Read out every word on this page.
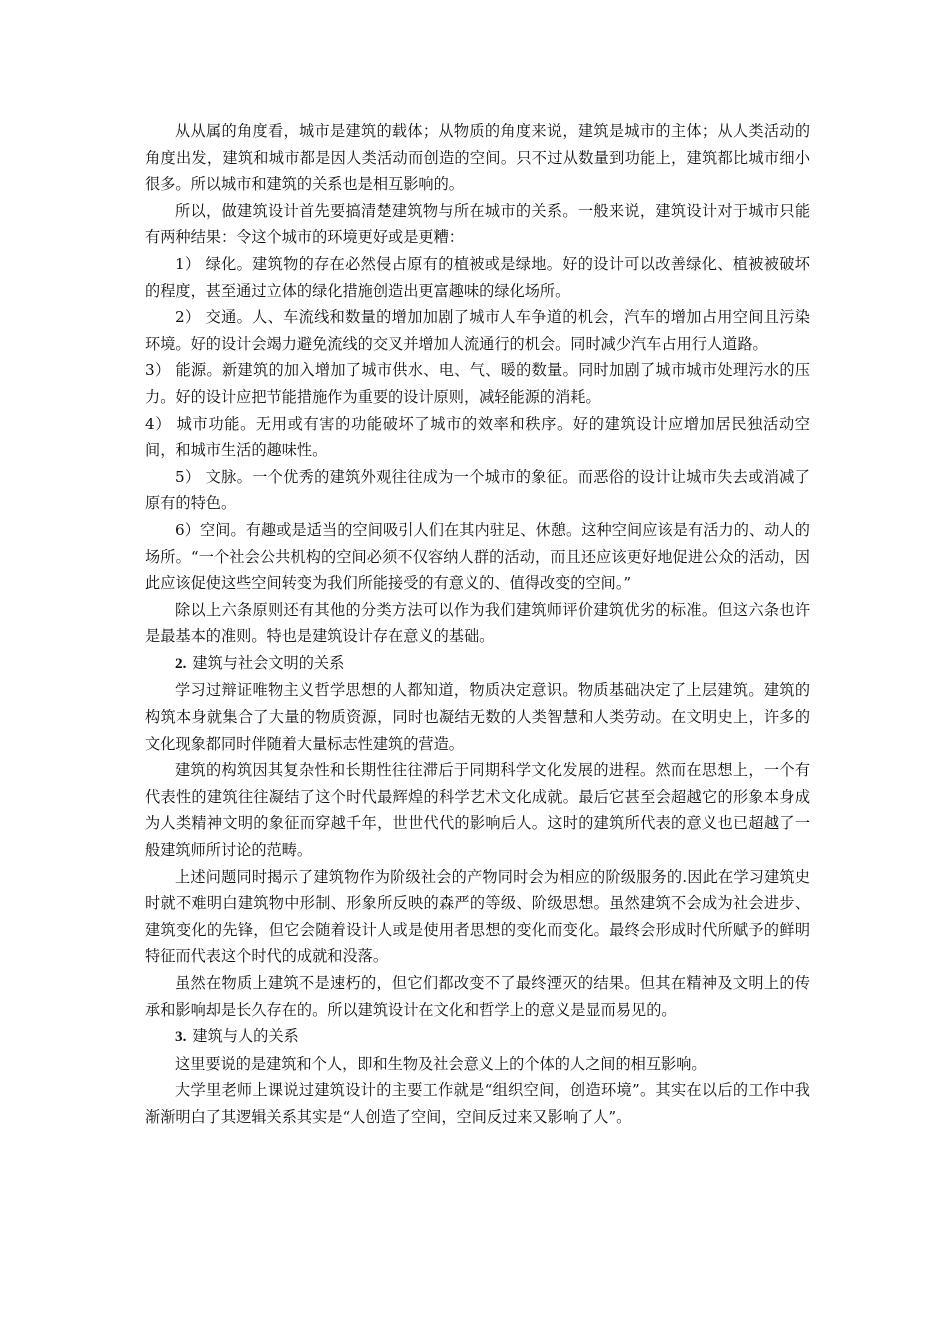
从从属的角度看，城市是建筑的载体；从物质的角度来说，建筑是城市的主体；从人类活动的角度出发，建筑和城市都是因人类活动而创造的空间。只不过从数量到功能上，建筑都比城市细小很多。所以城市和建筑的关系也是相互影响的。

所以，做建筑设计首先要搞清楚建筑物与所在城市的关系。一般来说，建筑设计对于城市只能有两种结果：令这个城市的环境更好或是更糟：

1） 绿化。建筑物的存在必然侵占原有的植被或是绿地。好的设计可以改善绿化、植被被破坏的程度，甚至通过立体的绿化措施创造出更富趣味的绿化场所。

2） 交通。人、车流线和数量的增加加剧了城市人车争道的机会，汽车的增加占用空间且污染环境。好的设计会竭力避免流线的交叉并增加人流通行的机会。同时减少汽车占用行人道路。

3） 能源。新建筑的加入增加了城市供水、电、气、暖的数量。同时加剧了城市城市处理污水的压力。好的设计应把节能措施作为重要的设计原则，减轻能源的消耗。

4） 城市功能。无用或有害的功能破坏了城市的效率和秩序。好的建筑设计应增加居民独活动空间，和城市生活的趣味性。

5） 文脉。一个优秀的建筑外观往往成为一个城市的象征。而恶俗的设计让城市失去或消减了原有的特色。

6）空间。有趣或是适当的空间吸引人们在其内驻足、休憩。这种空间应该是有活力的、动人的场所。“一个社会公共机构的空间必须不仅容纳人群的活动，而且还应该更好地促进公众的活动，因此应该促使这些空间转变为我们所能接受的有意义的、值得改变的空间。”

除以上六条原则还有其他的分类方法可以作为我们建筑师评价建筑优劣的标准。但这六条也许是最基本的准则。特也是建筑设计存在意义的基础。

2. 建筑与社会文明的关系

学习过辩证唯物主义哲学思想的人都知道，物质决定意识。物质基础决定了上层建筑。建筑的构筑本身就集合了大量的物质资源，同时也凝结无数的人类智慧和人类劳动。在文明史上，许多的文化现象都同时伴随着大量标志性建筑的营造。

建筑的构筑因其复杂性和长期性往往滞后于同期科学文化发展的进程。然而在思想上，一个有代表性的建筑往往凝结了这个时代最辉煌的科学艺术文化成就。最后它甚至会超越它的形象本身成为人类精神文明的象征而穿越千年，世世代代的影响后人。这时的建筑所代表的意义也已超越了一般建筑师所讨论的范畴。

上述问题同时揭示了建筑物作为阶级社会的产物同时会为相应的阶级服务的.因此在学习建筑史时就不难明白建筑物中形制、形象所反映的森严的等级、阶级思想。虽然建筑不会成为社会进步、建筑变化的先锋，但它会随着设计人或是使用者思想的变化而变化。最终会形成时代所赋予的鲜明特征而代表这个时代的成就和没落。

虽然在物质上建筑不是速朽的，但它们都改变不了最终湮灭的结果。但其在精神及文明上的传承和影响却是长久存在的。所以建筑设计在文化和哲学上的意义是显而易见的。

3. 建筑与人的关系

这里要说的是建筑和个人，即和生物及社会意义上的个体的人之间的相互影响。

大学里老师上课说过建筑设计的主要工作就是“组织空间，创造环境”。其实在以后的工作中我渐渐明白了其逻辑关系其实是“人创造了空间，空间反过来又影响了人”。
